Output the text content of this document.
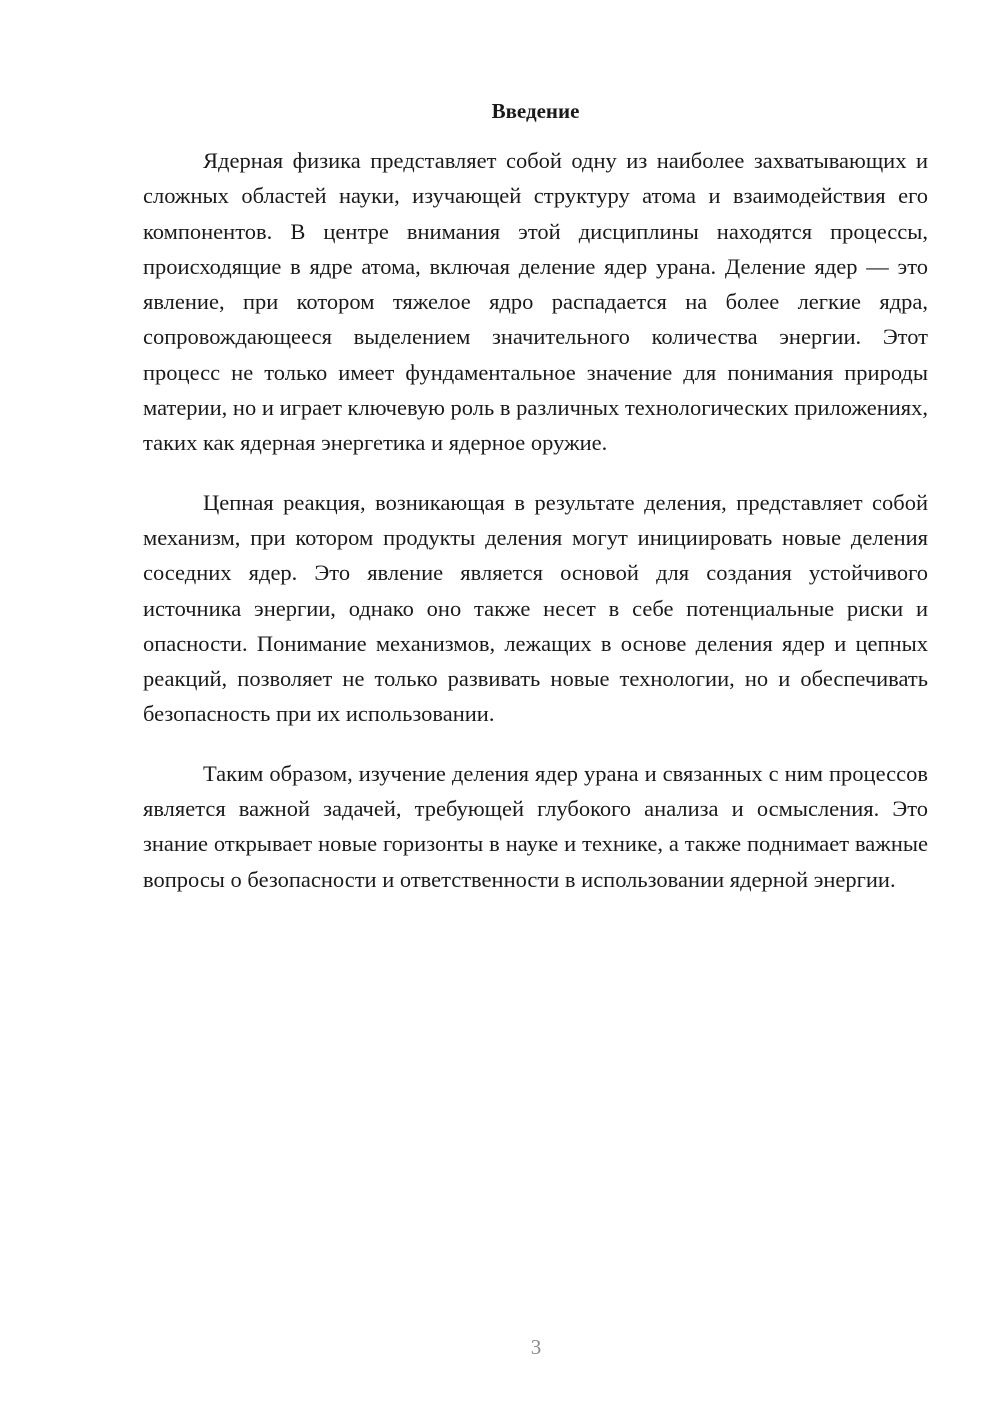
Введение

Ядерная физика представляет собой одну из наиболее захватывающих и сложных областей науки, изучающей структуру атома и взаимодействия его компонентов. В центре внимания этой дисциплины находятся процессы, происходящие в ядре атома, включая деление ядер урана. Деление ядер — это явление, при котором тяжелое ядро распадается на более легкие ядра, сопровождающееся выделением значительного количества энергии. Этот процесс не только имеет фундаментальное значение для понимания природы материи, но и играет ключевую роль в различных технологических приложениях, таких как ядерная энергетика и ядерное оружие.

Цепная реакция, возникающая в результате деления, представляет собой механизм, при котором продукты деления могут инициировать новые деления соседних ядер. Это явление является основой для создания устойчивого источника энергии, однако оно также несет в себе потенциальные риски и опасности. Понимание механизмов, лежащих в основе деления ядер и цепных реакций, позволяет не только развивать новые технологии, но и обеспечивать безопасность при их использовании.

Таким образом, изучение деления ядер урана и связанных с ним процессов является важной задачей, требующей глубокого анализа и осмысления. Это знание открывает новые горизонты в науке и технике, а также поднимает важные вопросы о безопасности и ответственности в использовании ядерной энергии.

3
